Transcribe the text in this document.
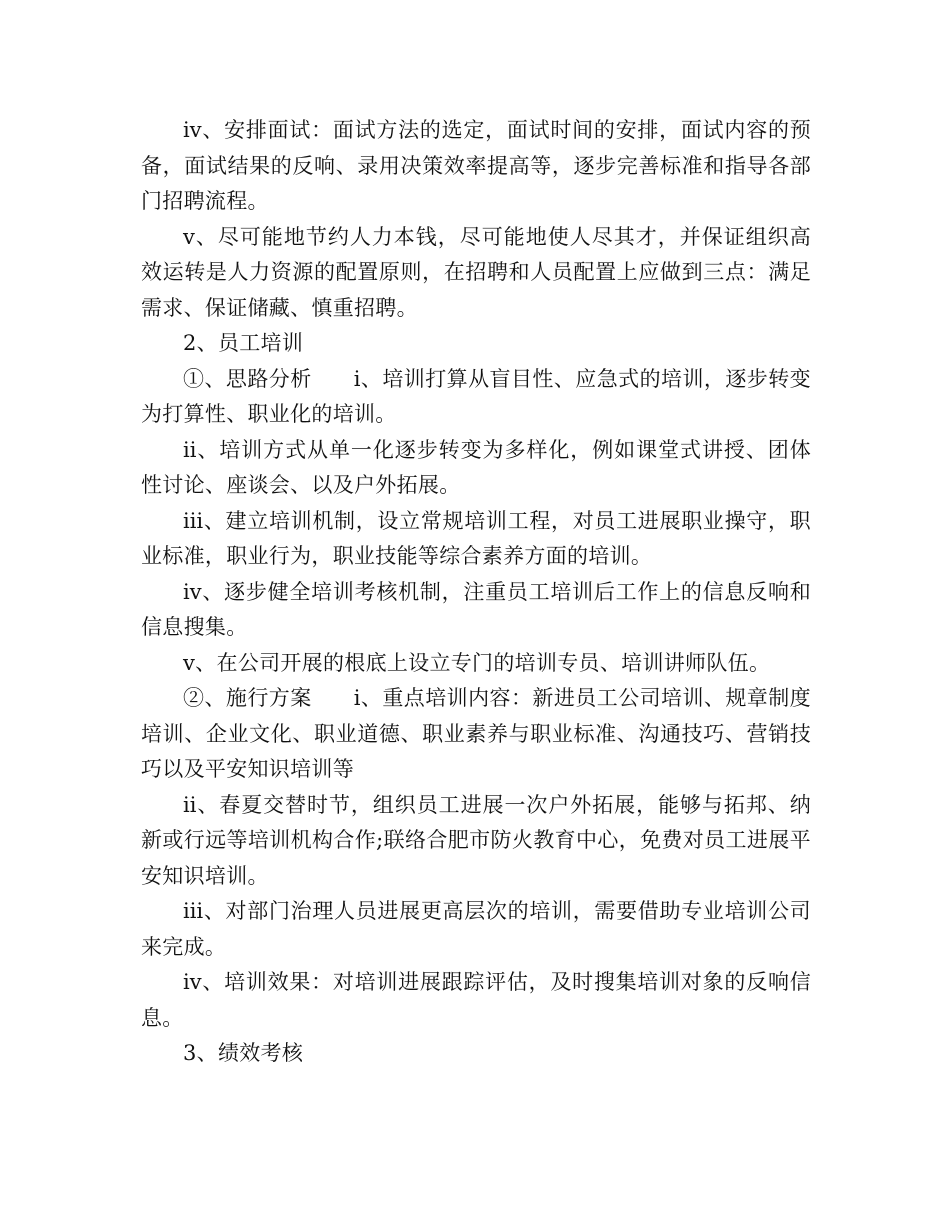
ⅳ、安排面试：面试方法的选定，面试时间的安排，面试内容的预备，面试结果的反响、录用决策效率提高等，逐步完善标准和指导各部门招聘流程。

ⅴ、尽可能地节约人力本钱，尽可能地使人尽其才，并保证组织高效运转是人力资源的配置原则，在招聘和人员配置上应做到三点：满足需求、保证储藏、慎重招聘。

2、员工培训

①、思路分析 ⅰ、培训打算从盲目性、应急式的培训，逐步转变为打算性、职业化的培训。

ⅱ、培训方式从单一化逐步转变为多样化，例如课堂式讲授、团体性讨论、座谈会、以及户外拓展。

ⅲ、建立培训机制，设立常规培训工程，对员工进展职业操守，职业标准，职业行为，职业技能等综合素养方面的培训。

ⅳ、逐步健全培训考核机制，注重员工培训后工作上的信息反响和信息搜集。

ⅴ、在公司开展的根底上设立专门的培训专员、培训讲师队伍。

②、施行方案 ⅰ、重点培训内容：新进员工公司培训、规章制度培训、企业文化、职业道德、职业素养与职业标准、沟通技巧、营销技巧以及平安知识培训等

ⅱ、春夏交替时节，组织员工进展一次户外拓展，能够与拓邦、纳新或行远等培训机构合作;联络合肥市防火教育中心，免费对员工进展平安知识培训。

ⅲ、对部门治理人员进展更高层次的培训，需要借助专业培训公司来完成。

ⅳ、培训效果：对培训进展跟踪评估，及时搜集培训对象的反响信息。

3、绩效考核
